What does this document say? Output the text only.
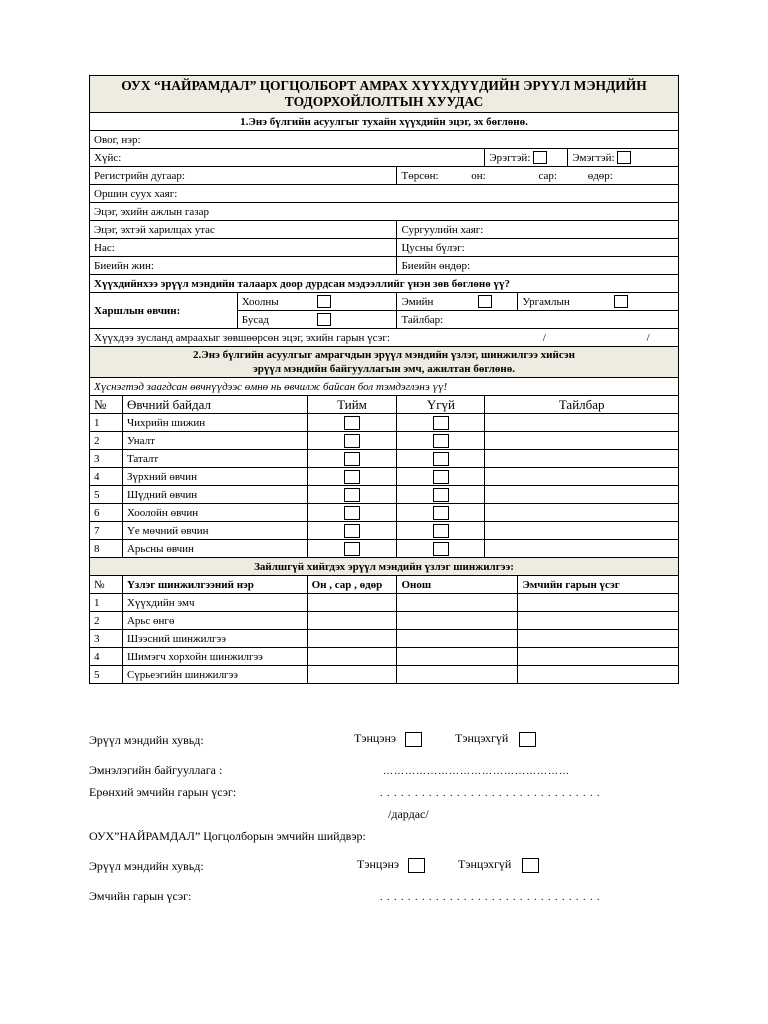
ОУХ “НАЙРАМДАЛ” ЦОГЦОЛБОРТ АМРАХ ХҮҮХДҮҮДИЙН ЭРҮҮЛ МЭНДИЙН ТОДОРХОЙЛОЛТЫН ХУУДАС							
1.Энэ бүлгийн асуулгыг тухайн хүүхдийн эцэг, эх бөглөнө.							
Овог, нэр:							
Хүйс:					Эрэгтэй:		Эмэгтэй:
Регистрийн дугаар:				Төрсөн: он: сар: өдөр:			
Оршин суух хаяг:							
Эцэг, эхийн ажлын газар							
Эцэг, эхтэй харилцах утас				Сургуулийн хаяг:			
Нас:				Цусны бүлэг:			
Биеийн жин:				Биеийн өндөр:			
Хүүхдийнхээ эрүүл мэндийн талаарх доор дурдсан мэдээллийг үнэн зөв бөглөнө үү?							
Харшлын өвчин:		Хоолны		Эмийн		Ургамлын	
		Бусад		Тайлбар:			
Хүүхдээ зусланд амраахыг зөвшөөрсөн эцэг, эхийн гарын үсэг: / /							

2.Энэ бүлгийн асуулгыг амрагчдын эрүүл мэндийн үзлэг, шинжилгээ хийсэн
эрүүл мэндийн байгууллагын эмч, ажилтан бөглөнө.							

Хүснэгтэд заагдсан өвчнүүдээс өмнө нь өвчилж байсан бол тэмдэглэнэ үү!							
№	Өвчний байдал		Тийм	Үгүй	Тайлбар		
1	Чихрийн шижин						
2	Уналт						
3	Таталт						
4	Зүрхний өвчин						
5	Шүдний өвчин						
6	Хоолойн өвчин						
7	Үе мөчний өвчин						
8	Арьсны өвчин						
Зайлшгүй хийгдэх эрүүл мэндийн үзлэг шинжилгээ:							
№	Үзлэг шинжилгээний нэр		Он , сар , өдөр	Онош		Эмчийн гарын үсэг	
1	Хүүхдийн эмч						
2	Арьс өнгө						
3	Шээсний шинжилгээ						
4	Шимэгч хорхойн шинжилгээ						
5	Сүрьеэгийн шинжилгээ						
Эрүүл мэндийн хувьд:	Тэнцэнэ	Тэнцэхгүй
Эмнэлэгийн байгууллага :	……………………………………………
Ерөнхий эмчийн гарын үсэг:	. . . . . . . . . . . . . . . . . . . . . . . . . . . . . . . .
/дардас/
ОУХ”НАЙРАМДАЛ” Цогцолборын эмчийн шийдвэр:
Эрүүл мэндийн хувьд:	Тэнцэнэ	Тэнцэхгүй
Эмчийн гарын үсэг:	. . . . . . . . . . . . . . . . . . . . . . . . . . . . . . . .
